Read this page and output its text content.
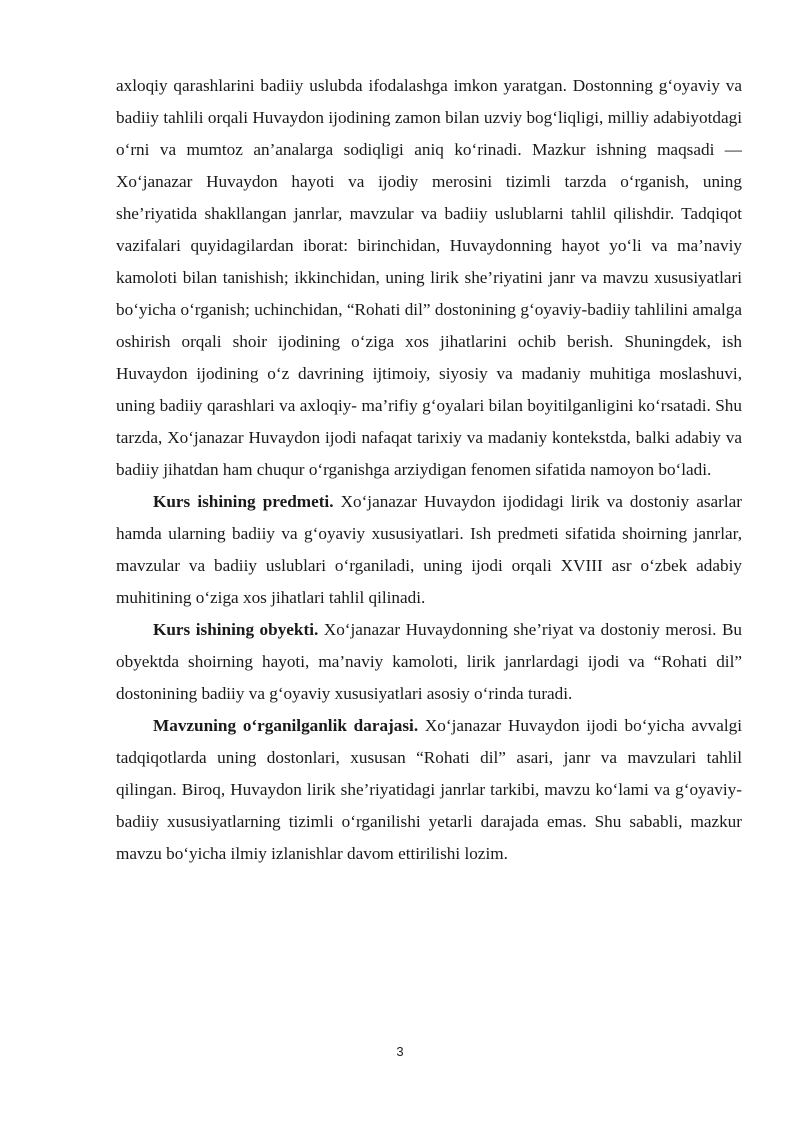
axloqiy qarashlarini badiiy uslubda ifodalashga imkon yaratgan. Dostonning g‘oyaviy va badiiy tahlili orqali Huvaydon ijodining zamon bilan uzviy bog‘liqligi, milliy adabiyotdagi o‘rni va mumtoz an’analarga sodiqligi aniq ko‘rinadi. Mazkur ishning maqsadi — Xo‘janazar Huvaydon hayoti va ijodiy merosini tizimli tarzda o‘rganish, uning she’riyatida shakllangan janrlar, mavzular va badiiy uslublarni tahlil qilishdir. Tadqiqot vazifalari quyidagilardan iborat: birinchidan, Huvaydonning hayot yo‘li va ma’naviy kamoloti bilan tanishish; ikkinchidan, uning lirik she’riyatini janr va mavzu xususiyatlari bo‘yicha o‘rganish; uchinchidan, “Rohati dil” dostonining g‘oyaviy-badiiy tahlilini amalga oshirish orqali shoir ijodining o‘ziga xos jihatlarini ochib berish. Shuningdek, ish Huvaydon ijodining o‘z davrining ijtimoiy, siyosiy va madaniy muhitiga moslashuvi, uning badiiy qarashlari va axloqiy- ma’rifiy g‘oyalari bilan boyitilganligini ko‘rsatadi. Shu tarzda, Xo‘janazar Huvaydon ijodi nafaqat tarixiy va madaniy kontekstda, balki adabiy va badiiy jihatdan ham chuqur o‘rganishga arziydigan fenomen sifatida namoyon bo‘ladi.

Kurs ishining predmeti. Xo‘janazar Huvaydon ijodidagi lirik va dostoniy asarlar hamda ularning badiiy va g‘oyaviy xususiyatlari. Ish predmeti sifatida shoirning janrlar, mavzular va badiiy uslublari o‘rganiladi, uning ijodi orqali XVIII asr o‘zbek adabiy muhitining o‘ziga xos jihatlari tahlil qilinadi.

Kurs ishining obyekti. Xo‘janazar Huvaydonning she’riyat va dostoniy merosi. Bu obyektda shoirning hayoti, ma’naviy kamoloti, lirik janrlardagi ijodi va “Rohati dil” dostonining badiiy va g‘oyaviy xususiyatlari asosiy o‘rinda turadi.

Mavzuning o‘rganilganlik darajasi. Xo‘janazar Huvaydon ijodi bo‘yicha avvalgi tadqiqotlarda uning dostonlari, xususan “Rohati dil” asari, janr va mavzulari tahlil qilingan. Biroq, Huvaydon lirik she’riyatidagi janrlar tarkibi, mavzu ko‘lami va g‘oyaviy-badiiy xususiyatlarning tizimli o‘rganilishi yetarli darajada emas. Shu sababli, mazkur mavzu bo‘yicha ilmiy izlanishlar davom ettirilishi lozim.

3
